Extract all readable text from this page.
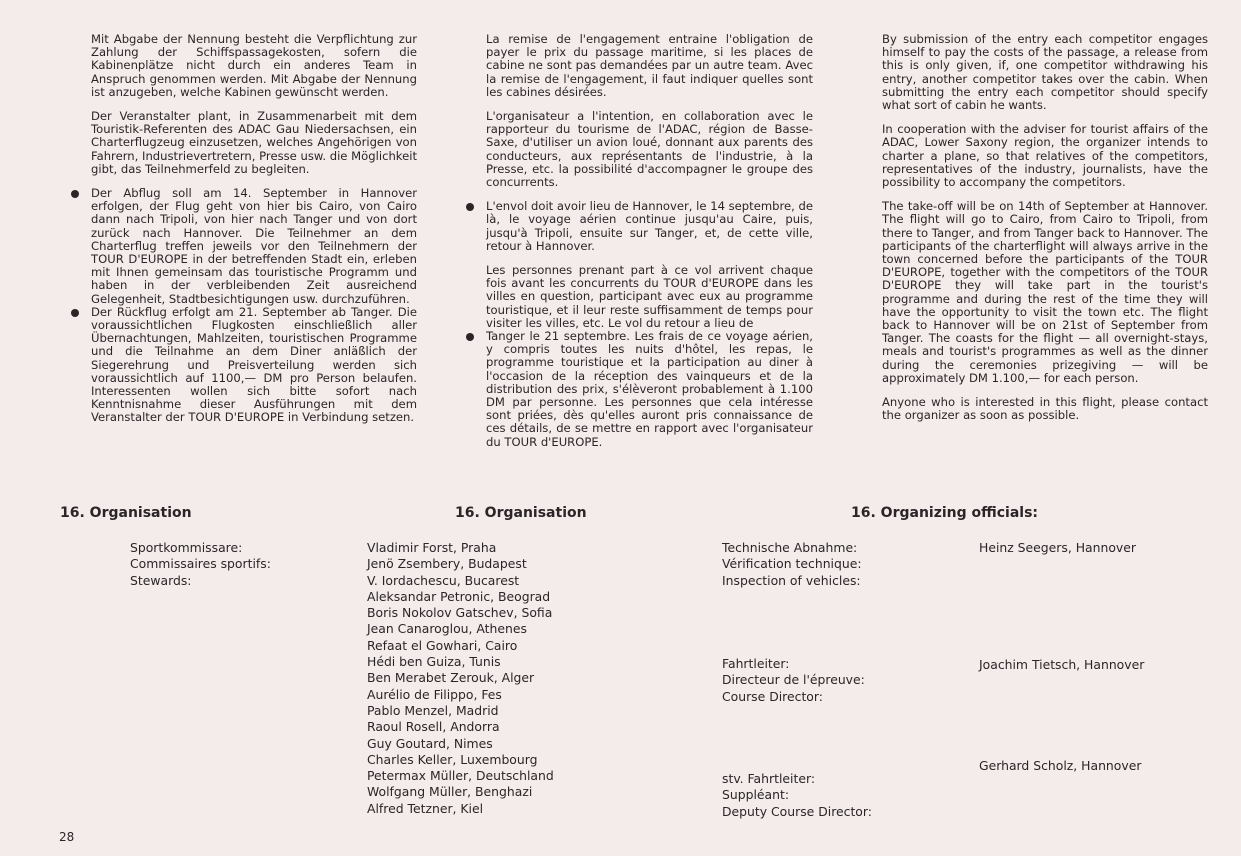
Mit Abgabe der Nennung besteht die Verpflichtung zur Zahlung der Schiffspassagekosten, sofern die Kabinenplätze nicht durch ein anderes Team in Anspruch genommen werden. Mit Abgabe der Nennung ist anzugeben, welche Kabinen gewünscht werden.

Der Veranstalter plant, in Zusammenarbeit mit dem Touristik-Referenten des ADAC Gau Niedersachsen, ein Charterflugzeug einzusetzen, welches Angehörigen von Fahrern, Industrievertretern, Presse usw. die Möglichkeit gibt, das Teilnehmerfeld zu begleiten.

Der Abflug soll am 14. September in Hannover erfolgen, der Flug geht von hier bis Cairo, von Cairo dann nach Tripoli, von hier nach Tanger und von dort zurück nach Hannover. Die Teilnehmer an dem Charterflug treffen jeweils vor den Teilnehmern der TOUR D'EUROPE in der betreffenden Stadt ein, erleben mit Ihnen gemeinsam das touristische Programm und haben in der verbleibenden Zeit ausreichend Gelegenheit, Stadtbesichtigungen usw. durchzuführen.

Der Rückflug erfolgt am 21. September ab Tanger. Die voraussichtlichen Flugkosten einschließlich aller Übernachtungen, Mahlzeiten, touristischen Programme und die Teilnahme an dem Diner anläßlich der Siegerehrung und Preisverteilung werden sich voraussichtlich auf 1100,— DM pro Person belaufen. Interessenten wollen sich bitte sofort nach Kenntnisnahme dieser Ausführungen mit dem Veranstalter der TOUR D'EUROPE in Verbindung setzen.

La remise de l'engagement entraine l'obligation de payer le prix du passage maritime, si les places de cabine ne sont pas demandées par un autre team. Avec la remise de l'engagement, il faut indiquer quelles sont les cabines désirées.

L'organisateur a l'intention, en collaboration avec le rapporteur du tourisme de l'ADAC, région de Basse-Saxe, d'utiliser un avion loué, donnant aux parents des conducteurs, aux représentants de l'industrie, à la Presse, etc. la possibilité d'accompagner le groupe des concurrents.

L'envol doit avoir lieu de Hannover, le 14 septembre, de là, le voyage aérien continue jusqu'au Caire, puis, jusqu'à Tripoli, ensuite sur Tanger, et, de cette ville, retour à Hannover.

Les personnes prenant part à ce vol arrivent chaque fois avant les concurrents du TOUR d'EUROPE dans les villes en question, participant avec eux au programme touristique, et il leur reste suffisamment de temps pour visiter les villes, etc. Le vol du retour a lieu de

Tanger le 21 septembre. Les frais de ce voyage aérien, y compris toutes les nuits d'hôtel, les repas, le programme touristique et la participation au diner à l'occasion de la réception des vainqueurs et de la distribution des prix, s'élèveront probablement à 1.100 DM par personne. Les personnes que cela intéresse sont priées, dès qu'elles auront pris connaissance de ces détails, de se mettre en rapport avec l'organisateur du TOUR d'EUROPE.

By submission of the entry each competitor engages himself to pay the costs of the passage, a release from this is only given, if, one competitor withdrawing his entry, another competitor takes over the cabin. When submitting the entry each competitor should specify what sort of cabin he wants.

In cooperation with the adviser for tourist affairs of the ADAC, Lower Saxony region, the organizer intends to charter a plane, so that relatives of the competitors, representatives of the industry, journalists, have the possibility to accompany the competitors.

The take-off will be on 14th of September at Hannover. The flight will go to Cairo, from Cairo to Tripoli, from there to Tanger, and from Tanger back to Hannover. The participants of the charterflight will always arrive in the town concerned before the participants of the TOUR D'EUROPE, together with the competitors of the TOUR D'EUROPE they will take part in the tourist's programme and during the rest of the time they will have the opportunity to visit the town etc. The flight back to Hannover will be on 21st of September from Tanger. The coasts for the flight — all overnight-stays, meals and tourist's programmes as well as the dinner during the ceremonies prizegiving — will be approximately DM 1.100,— for each person.

Anyone who is interested in this flight, please contact the organizer as soon as possible.

16. Organisation	16. Organisation	16. Organizing officials:
Sportkommissare:
Commissaires sportifs:
Stewards:
Vladimir Forst, Praha
Jenö Zsembery, Budapest
V. Iordachescu, Bucarest
Aleksandar Petronic, Beograd
Boris Nokolov Gatschev, Sofia
Jean Canaroglou, Athenes
Refaat el Gowhari, Cairo
Hédi ben Guiza, Tunis
Ben Merabet Zerouk, Alger
Aurélio de Filippo, Fes
Pablo Menzel, Madrid
Raoul Rosell, Andorra
Guy Goutard, Nimes
Charles Keller, Luxembourg
Petermax Müller, Deutschland
Wolfgang Müller, Benghazi
Alfred Tetzner, Kiel
Technische Abnahme:
Vérification technique:
Inspection of vehicles:
Heinz Seegers, Hannover
Fahrtleiter:
Directeur de l'épreuve:
Course Director:
Joachim Tietsch, Hannover
stv. Fahrtleiter:
Suppléant:
Deputy Course Director:
Gerhard Scholz, Hannover
28
